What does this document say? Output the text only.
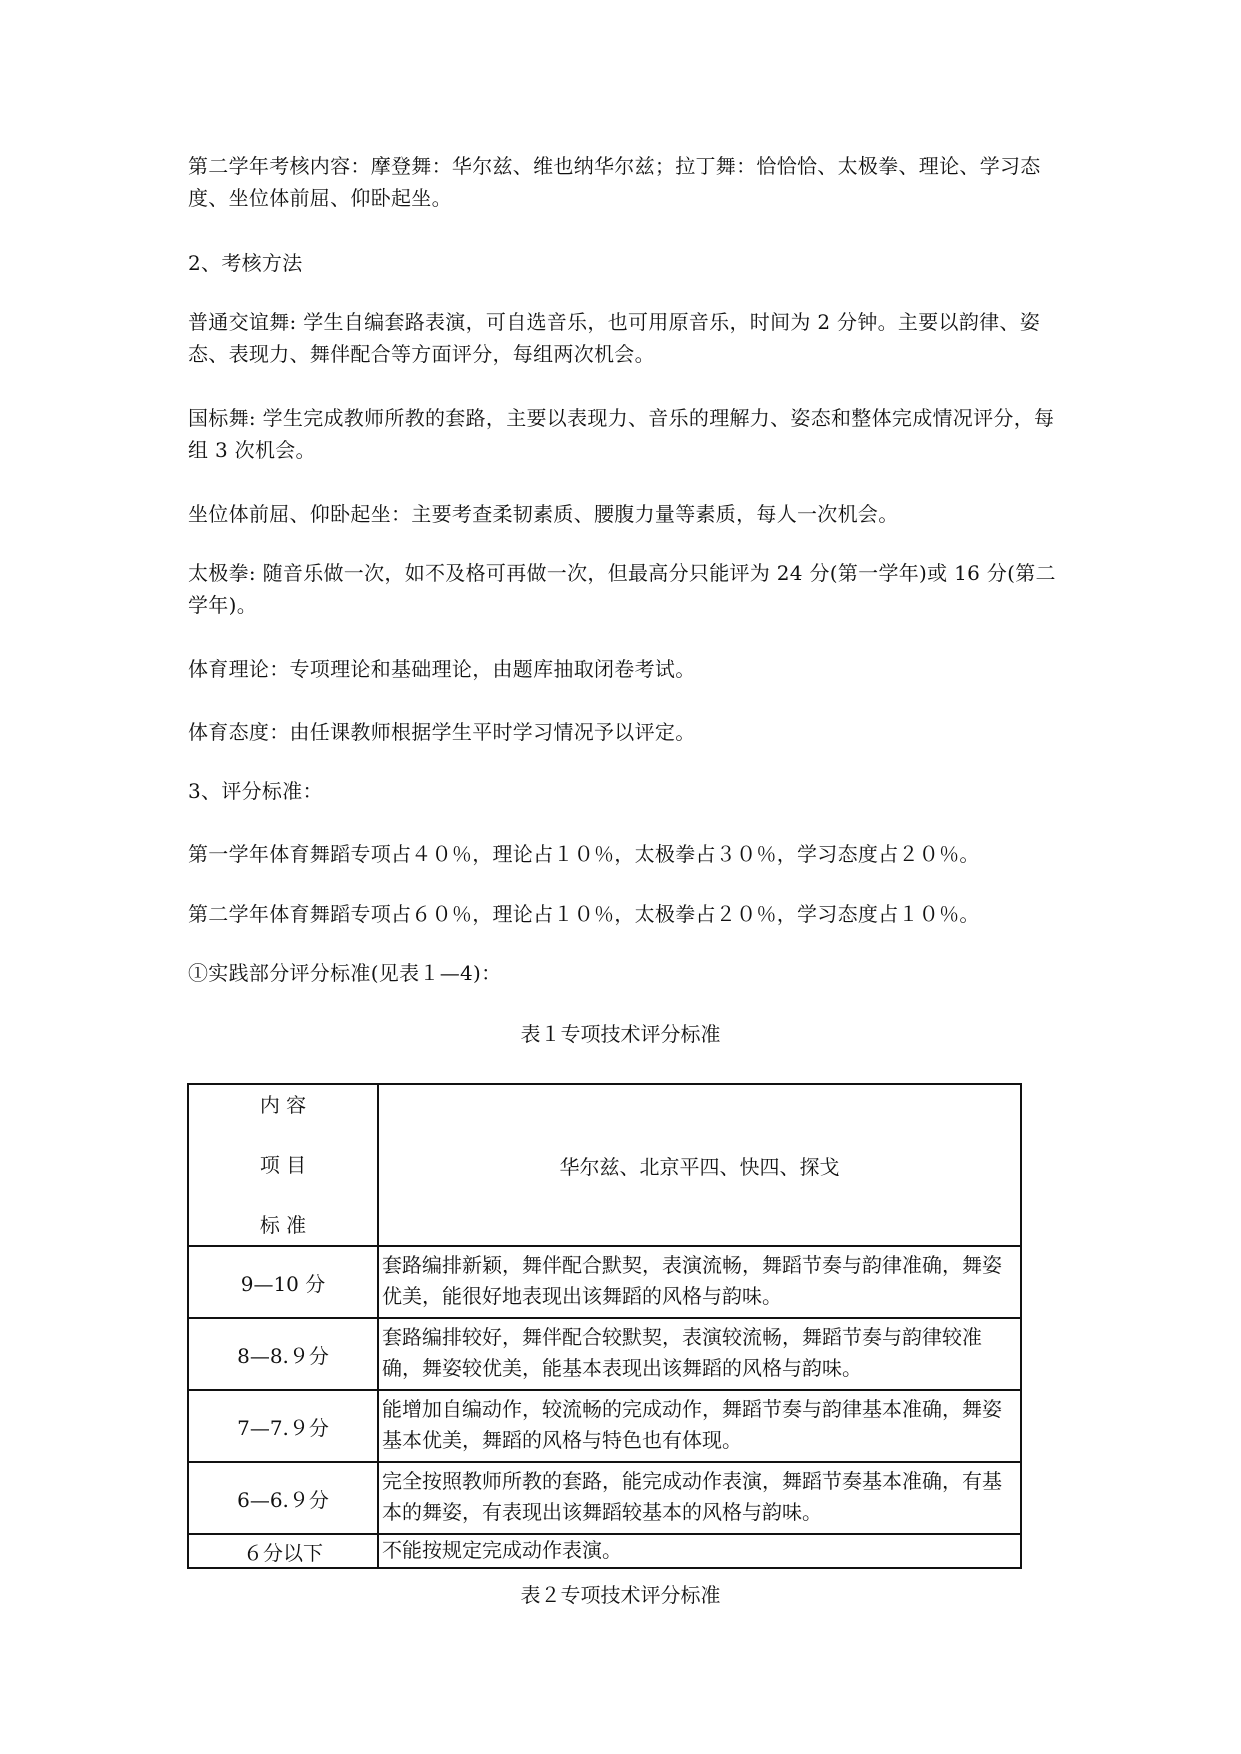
第二学年考核内容：摩登舞：华尔兹、维也纳华尔兹；拉丁舞：恰恰恰、太极拳、理论、学习态度、坐位体前屈、仰卧起坐。

2、考核方法

普通交谊舞: 学生自编套路表演，可自选音乐，也可用原音乐，时间为 2 分钟。主要以韵律、姿态、表现力、舞伴配合等方面评分，每组两次机会。

国标舞: 学生完成教师所教的套路，主要以表现力、音乐的理解力、姿态和整体完成情况评分，每组 3 次机会。

坐位体前屈、仰卧起坐：主要考查柔韧素质、腰腹力量等素质，每人一次机会。

太极拳: 随音乐做一次，如不及格可再做一次，但最高分只能评为 24 分(第一学年)或 16 分(第二学年)。

体育理论：专项理论和基础理论，由题库抽取闭卷考试。

体育态度：由任课教师根据学生平时学习情况予以评定。

3、评分标准：

第一学年体育舞蹈专项占４０％，理论占１０％，太极拳占３０％，学习态度占２０％。

第二学年体育舞蹈专项占６０％，理论占１０％，太极拳占２０％，学习态度占１０％。

①实践部分评分标准(见表１—4)：

表１专项技术评分标准

内 容
项 目
标 准	华尔兹、北京平四、快四、探戈
9—10 分	套路编排新颖，舞伴配合默契，表演流畅，舞蹈节奏与韵律准确，舞姿优美，能很好地表现出该舞蹈的风格与韵味。
8—8.９分	套路编排较好，舞伴配合较默契，表演较流畅，舞蹈节奏与韵律较准确，舞姿较优美，能基本表现出该舞蹈的风格与韵味。
7—7.９分	能增加自编动作，较流畅的完成动作，舞蹈节奏与韵律基本准确，舞姿基本优美，舞蹈的风格与特色也有体现。
6—6.９分	完全按照教师所教的套路，能完成动作表演，舞蹈节奏基本准确，有基本的舞姿，有表现出该舞蹈较基本的风格与韵味。
６分以下	不能按规定完成动作表演。

表２专项技术评分标准
